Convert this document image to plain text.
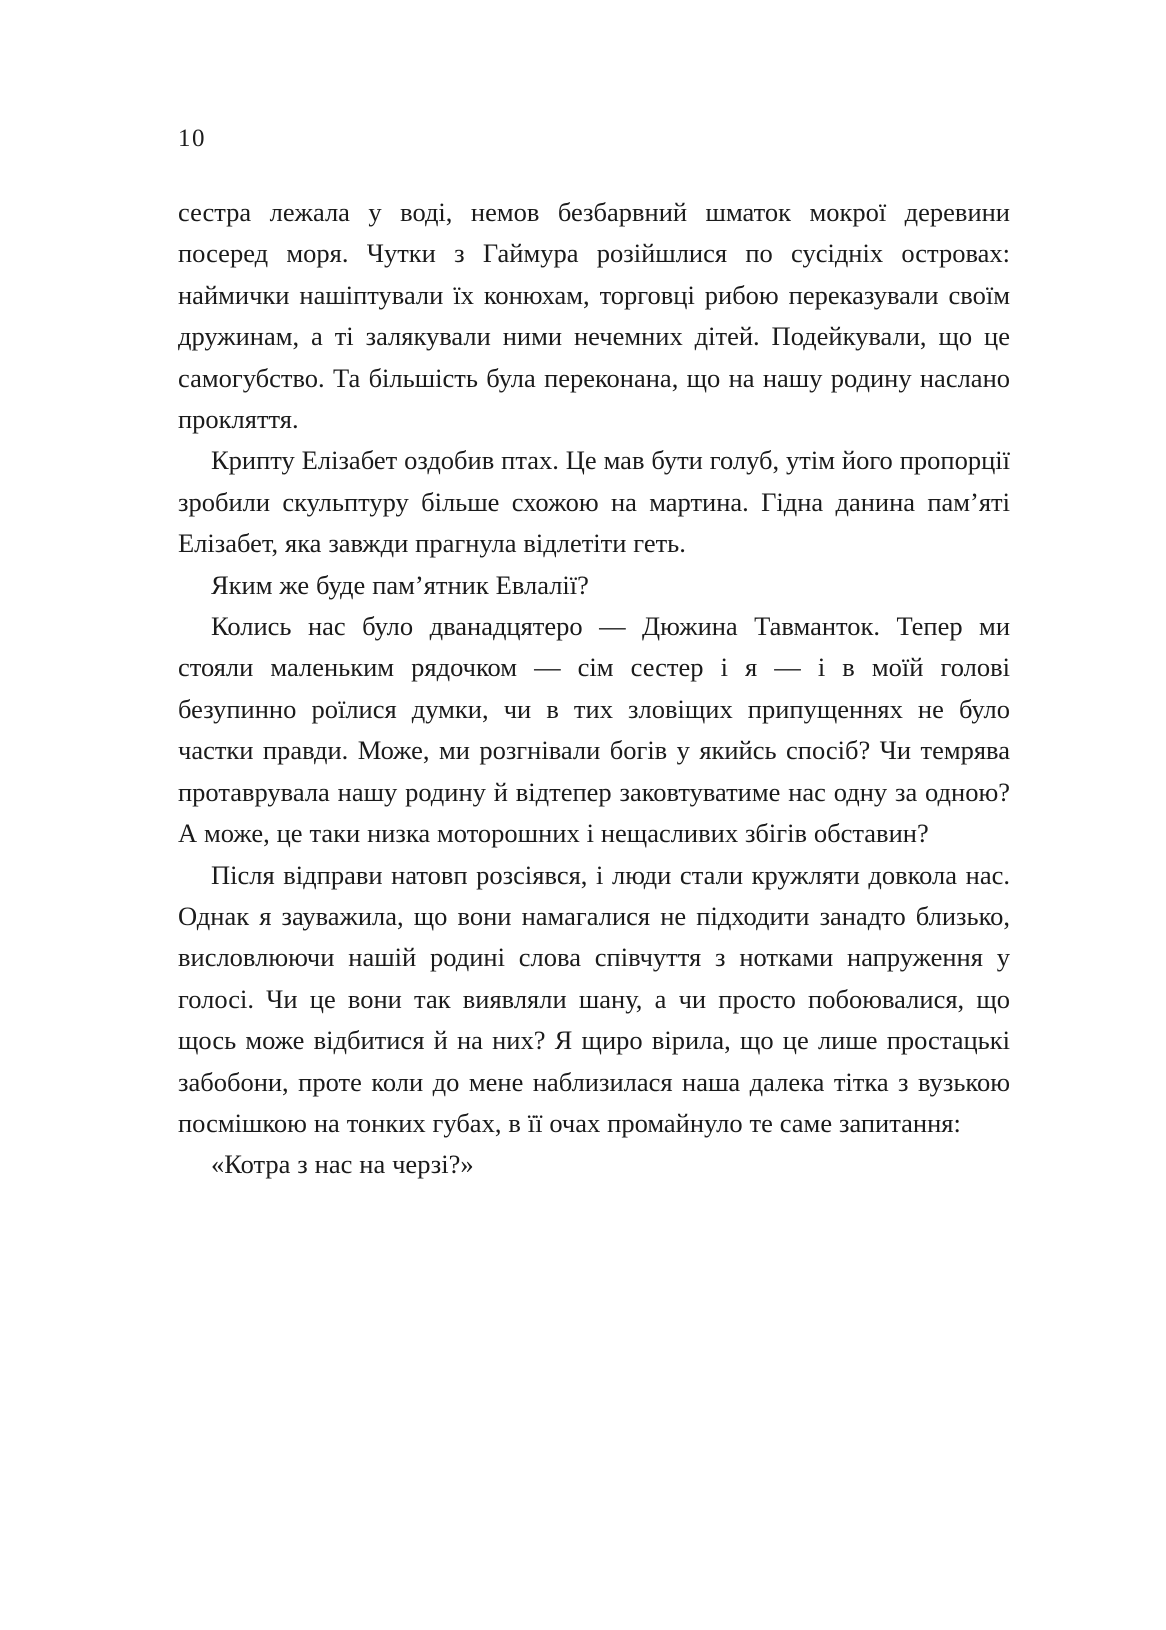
10

сестра лежала у воді, немов безбарвний шматок мокрої деревини посеред моря. Чутки з Гаймура розійшлися по сусідніх островах: наймички нашіптували їх конюхам, торговці рибою переказували своїм дружинам, а ті залякували ними нечемних дітей. Подейкували, що це самогубство. Та більшість була переконана, що на нашу родину наслано прокляття.

Крипту Елізабет оздобив птах. Це мав бути голуб, утім його пропорції зробили скульптуру більше схожою на мартина. Гідна данина пам’яті Елізабет, яка завжди прагнула відлетіти геть.

Яким же буде пам’ятник Евлалії?

Колись нас було дванадцятеро — Дюжина Тавманток. Тепер ми стояли маленьким рядочком — сім сестер і я — і в моїй голові безупинно роїлися думки, чи в тих зловіщих припущеннях не було частки правди. Може, ми розгнівали богів у якийсь спосіб? Чи темрява протаврувала нашу родину й відтепер заковтуватиме нас одну за одною? А може, це таки низка моторошних і нещасливих збігів обставин?

Після відправи натовп розсіявся, і люди стали кружляти довкола нас. Однак я зауважила, що вони намагалися не підходити занадто близько, висловлюючи нашій родині слова співчуття з нотками напруження у голосі. Чи це вони так виявляли шану, а чи просто побоювалися, що щось може відбитися й на них? Я щиро вірила, що це лише простацькі забобони, проте коли до мене наблизилася наша далека тітка з вузькою посмішкою на тонких губах, в її очах промайнуло те саме запитання:

«Котра з нас на черзі?»
